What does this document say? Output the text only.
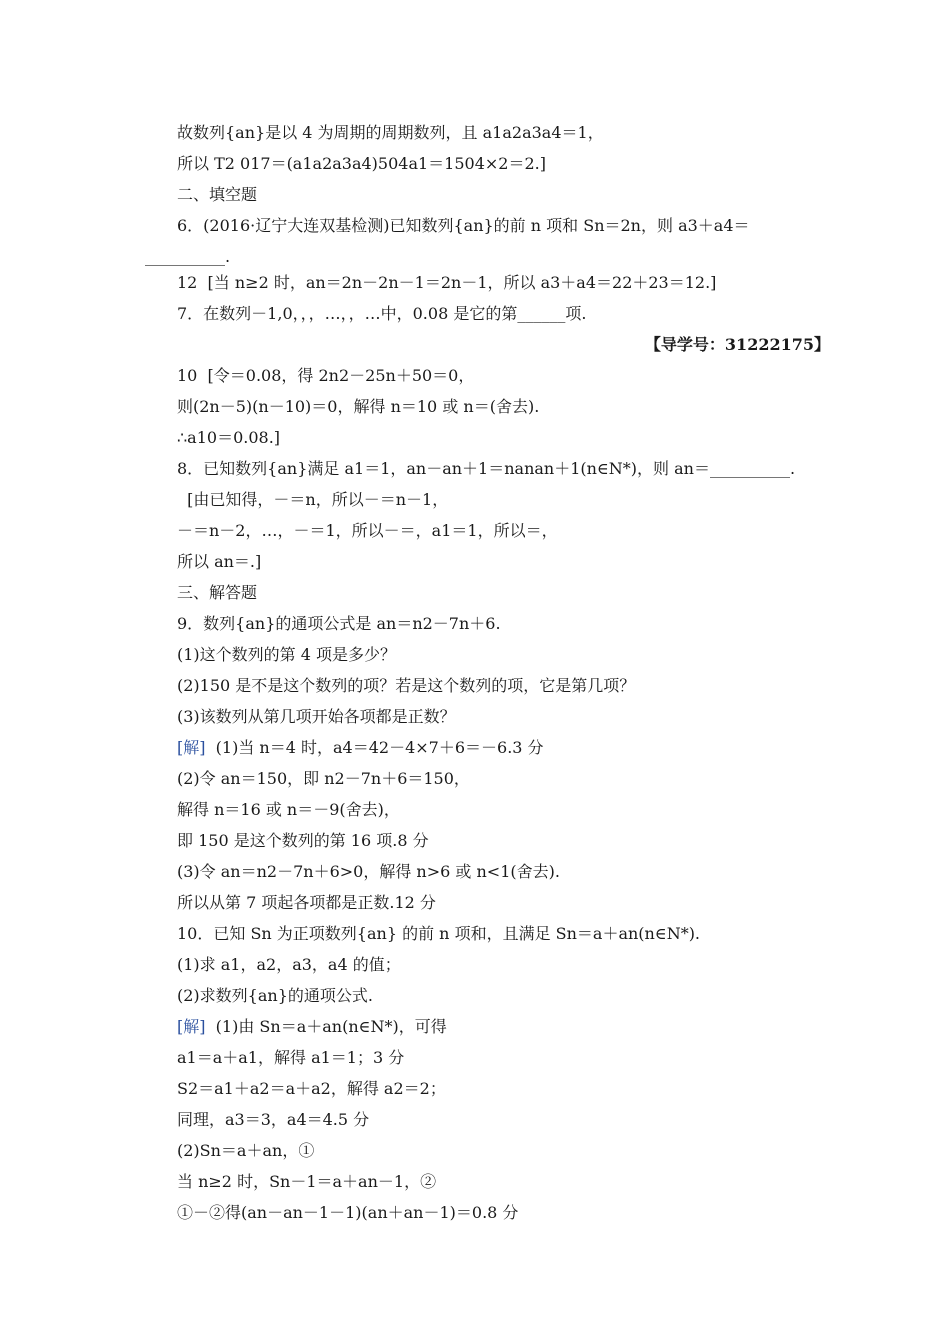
故数列{an}是以 4 为周期的周期数列，且 a1a2a3a4＝1，
所以 T2 017＝(a1a2a3a4)504a1＝1504×2＝2.]
二、填空题
6．(2016·辽宁大连双基检测)已知数列{an}的前 n 项和 Sn＝2n，则 a3＋a4＝
__________.
12  [当 n≥2 时，an＝2n－2n－1＝2n－1，所以 a3＋a4＝22＋23＝12.]
7．在数列－1,0，，，…，，…中，0.08 是它的第______项.
【导学号：31222175】
10  [令＝0.08，得 2n2－25n＋50＝0，
则(2n－5)(n－10)＝0，解得 n＝10 或 n＝(舍去).
∴a10＝0.08.]
8．已知数列{an}满足 a1＝1，an－an＋1＝nanan＋1(n∈N*)，则 an＝__________.
[由已知得，－＝n，所以－＝n－1，
－＝n－2，…，－＝1，所以－＝，a1＝1，所以＝，
所以 an＝.]
三、解答题
9．数列{an}的通项公式是 an＝n2－7n＋6.
(1)这个数列的第 4 项是多少？
(2)150 是不是这个数列的项？若是这个数列的项，它是第几项？
(3)该数列从第几项开始各项都是正数？
[解]  (1)当 n＝4 时，a4＝42－4×7＋6＝－6.3 分
(2)令 an＝150，即 n2－7n＋6＝150，
解得 n＝16 或 n＝－9(舍去)，
即 150 是这个数列的第 16 项.8 分
(3)令 an＝n2－7n＋6>0，解得 n>6 或 n<1(舍去).
所以从第 7 项起各项都是正数.12 分
10．已知 Sn 为正项数列{an} 的前 n 项和，且满足 Sn＝a＋an(n∈N*).
(1)求 a1，a2，a3，a4 的值；
(2)求数列{an}的通项公式.
[解]  (1)由 Sn＝a＋an(n∈N*)，可得
a1＝a＋a1，解得 a1＝1；3 分
S2＝a1＋a2＝a＋a2，解得 a2＝2；
同理，a3＝3，a4＝4.5 分
(2)Sn＝a＋an，①
当 n≥2 时，Sn－1＝a＋an－1，②
①－②得(an－an－1－1)(an＋an－1)＝0.8 分
